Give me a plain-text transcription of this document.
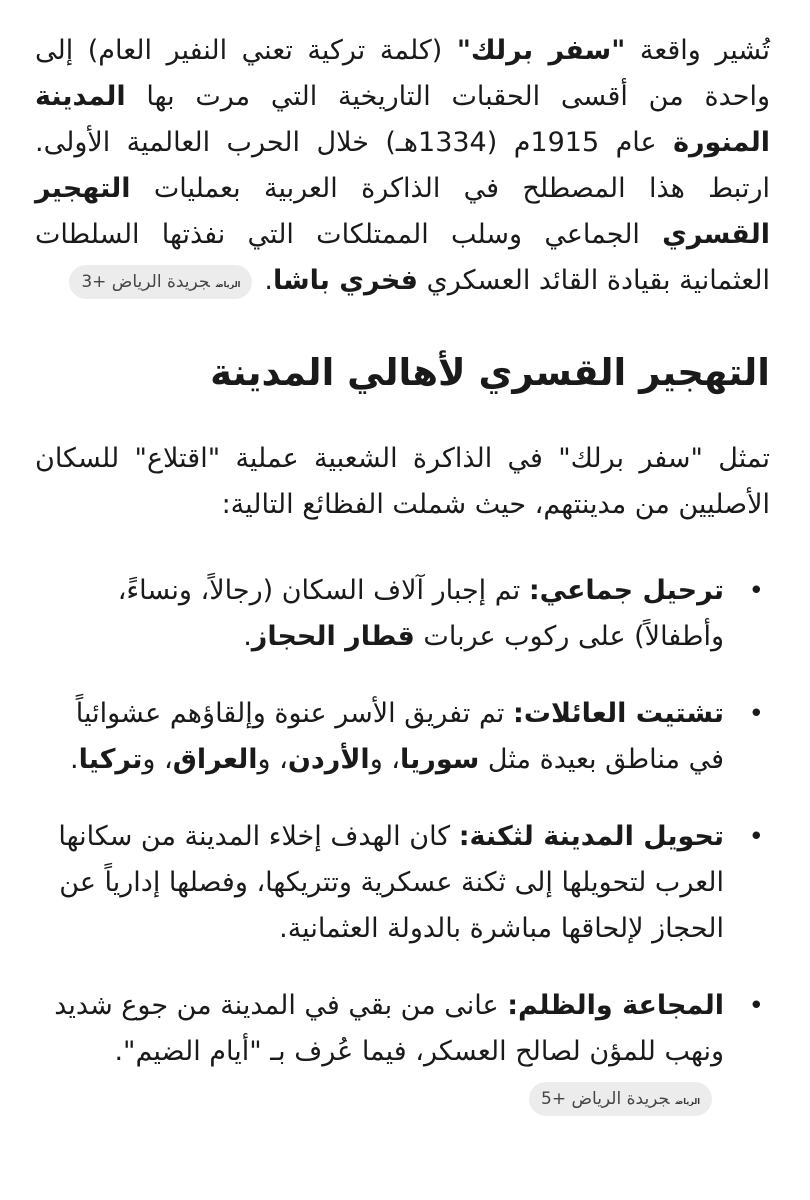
تُشير واقعة "سفر برلك" (كلمة تركية تعني النفير العام) إلى واحدة من أقسى الحقبات التاريخية التي مرت بها المدينة المنورة عام 1915م (1334هـ) خلال الحرب العالمية الأولى. ارتبط هذا المصطلح في الذاكرة العربية بعمليات التهجير القسري الجماعي وسلب الممتلكات التي نفذتها السلطات العثمانية بقيادة القائد العسكري فخري باشا.الرياضجريدة الرياض +3

التهجير القسري لأهالي المدينة

تمثل "سفر برلك" في الذاكرة الشعبية عملية "اقتلاع" للسكان الأصليين من مدينتهم، حيث شملت الفظائع التالية:

•
ترحيل جماعي: تم إجبار آلاف السكان (رجالاً، ونساءً، وأطفالاً) على ركوب عربات قطار الحجاز.
•
تشتيت العائلات: تم تفريق الأسر عنوة وإلقاؤهم عشوائياً في مناطق بعيدة مثل سوريا، والأردن، والعراق، وتركيا.
•
تحويل المدينة لثكنة: كان الهدف إخلاء المدينة من سكانها العرب لتحويلها إلى ثكنة عسكرية وتتريكها، وفصلها إدارياً عن الحجاز لإلحاقها مباشرة بالدولة العثمانية.
•
المجاعة والظلم: عانى من بقي في المدينة من جوع شديد ونهب للمؤن لصالح العسكر، فيما عُرف بـ "أيام الضيم".الرياضجريدة الرياض +5
